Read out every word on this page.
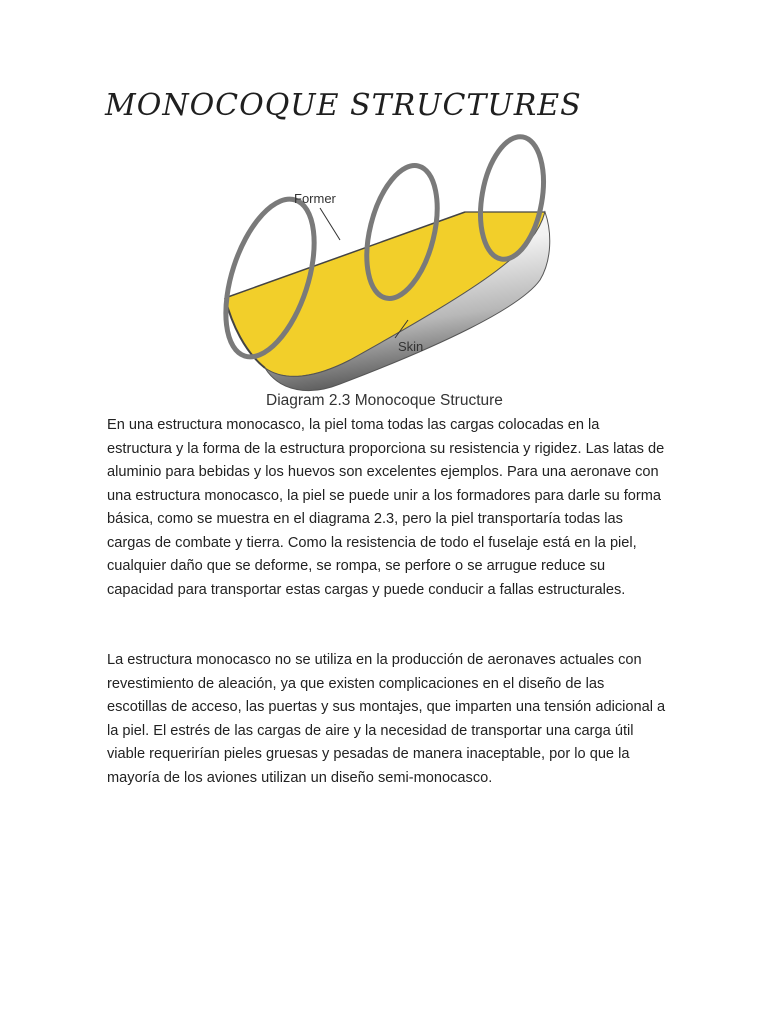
MONOCOQUE STRUCTURES
Former
Skin
Diagram 2.3 Monocoque Structure

En una estructura monocasco, la piel toma todas las cargas colocadas en la estructura y la forma de la estructura proporciona su resistencia y rigidez. Las latas de aluminio para bebidas y los huevos son excelentes ejemplos. Para una aeronave con una estructura monocasco, la piel se puede unir a los formadores para darle su forma básica, como se muestra en el diagrama 2.3, pero la piel transportaría todas las cargas de combate y tierra. Como la resistencia de todo el fuselaje está en la piel, cualquier daño que se deforme, se rompa, se perfore o se arrugue reduce su capacidad para transportar estas cargas y puede conducir a fallas estructurales.

La estructura monocasco no se utiliza en la producción de aeronaves actuales con revestimiento de aleación, ya que existen complicaciones en el diseño de las escotillas de acceso, las puertas y sus montajes, que imparten una tensión adicional a la piel. El estrés de las cargas de aire y la necesidad de transportar una carga útil viable requerirían pieles gruesas y pesadas de manera inaceptable, por lo que la mayoría de los aviones utilizan un diseño semi-monocasco.
